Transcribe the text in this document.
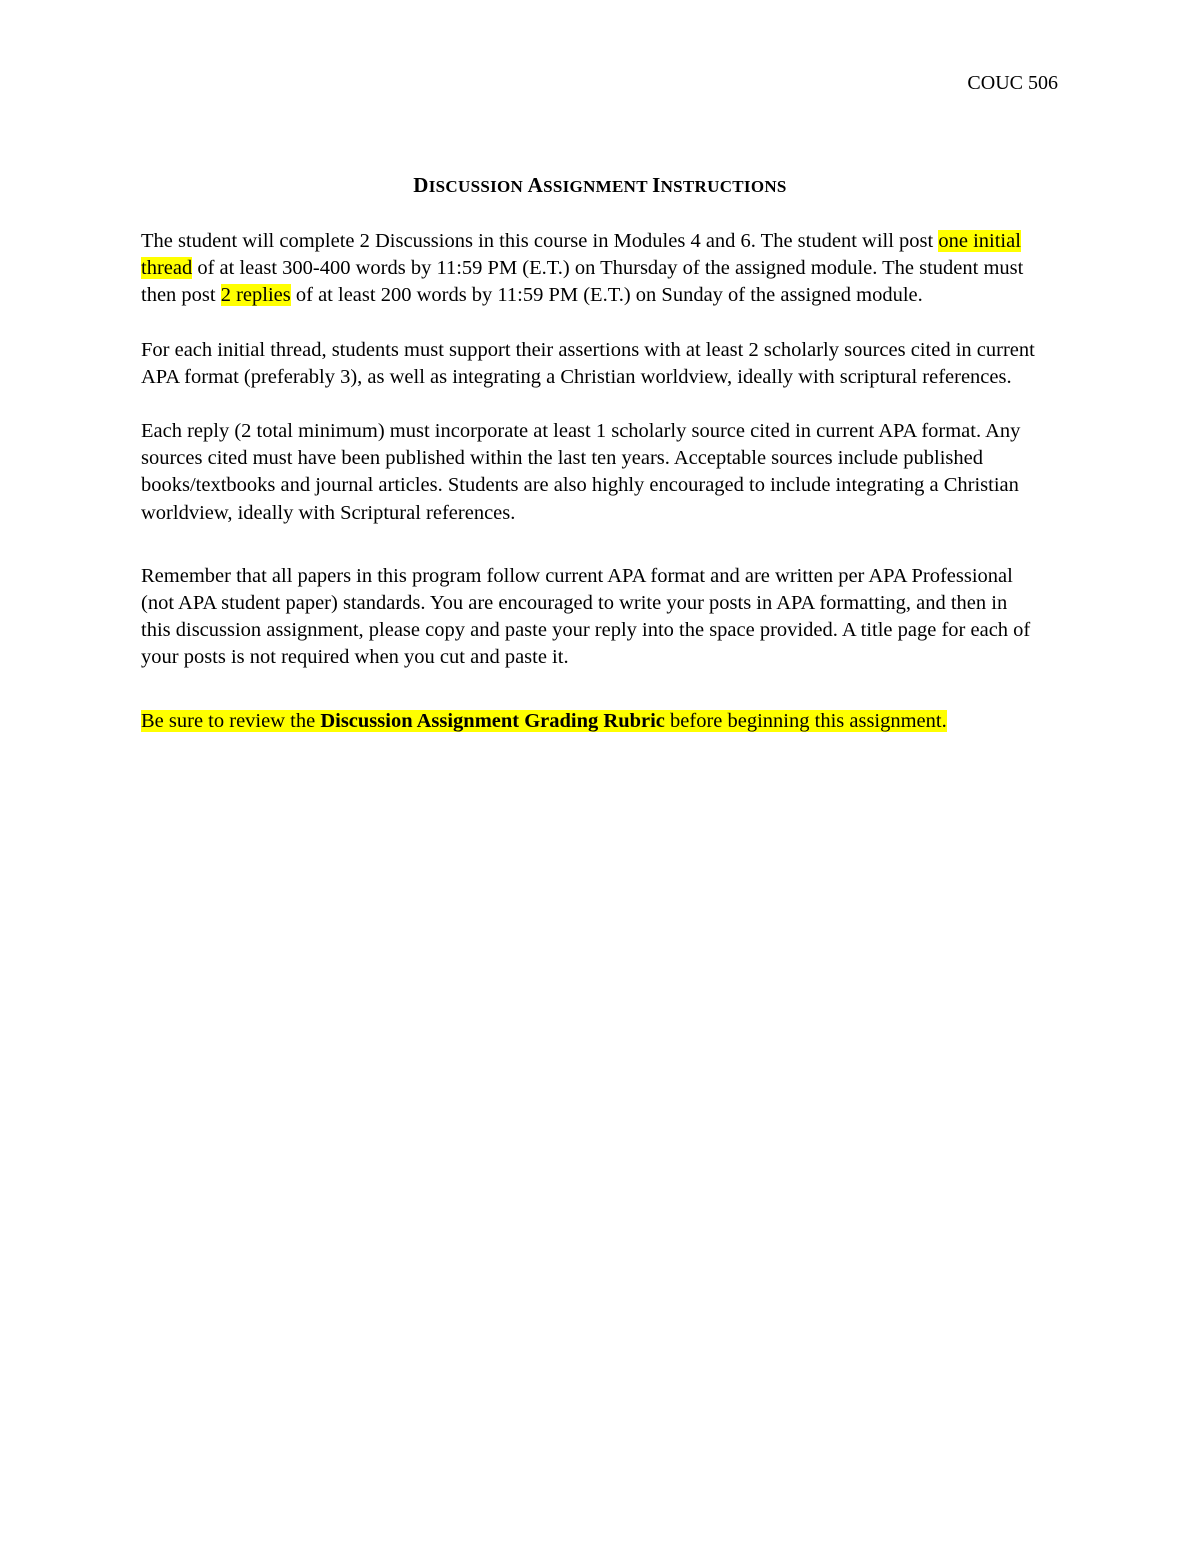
COUC 506
DISCUSSION ASSIGNMENT INSTRUCTIONS

The student will complete 2 Discussions in this course in Modules 4 and 6. The student will post one initial thread of at least 300-400 words by 11:59 PM (E.T.) on Thursday of the assigned module. The student must then post 2 replies of at least 200 words by 11:59 PM (E.T.) on Sunday of the assigned module.

For each initial thread, students must support their assertions with at least 2 scholarly sources cited in current APA format (preferably 3), as well as integrating a Christian worldview, ideally with scriptural references.

Each reply (2 total minimum) must incorporate at least 1 scholarly source cited in current APA format. Any sources cited must have been published within the last ten years. Acceptable sources include published books/textbooks and journal articles. Students are also highly encouraged to include integrating a Christian worldview, ideally with Scriptural references.

Remember that all papers in this program follow current APA format and are written per APA Professional (not APA student paper) standards. You are encouraged to write your posts in APA formatting, and then in this discussion assignment, please copy and paste your reply into the space provided. A title page for each of your posts is not required when you cut and paste it.

Be sure to review the Discussion Assignment Grading Rubric before beginning this assignment.
